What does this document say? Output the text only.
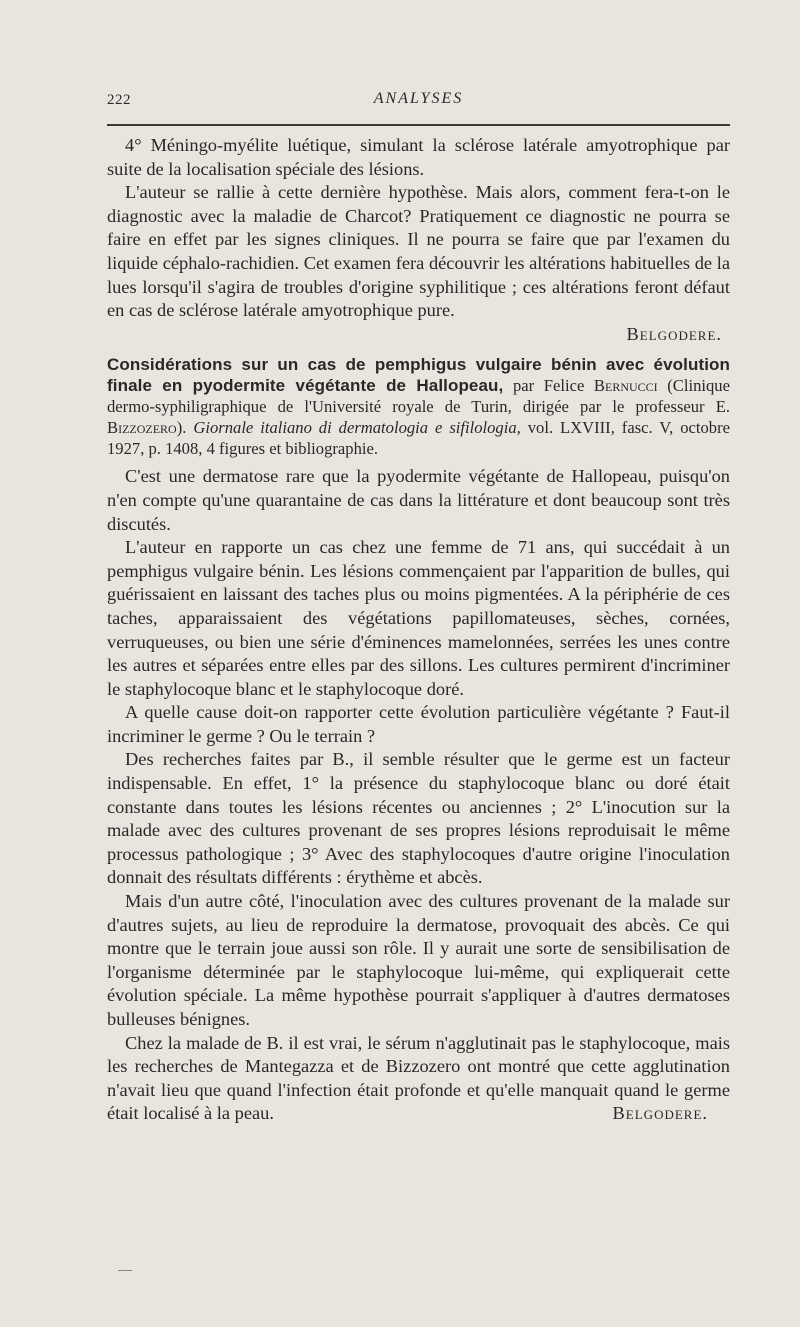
222	ANALYSES

4° Méningo-myélite luétique, simulant la sclérose latérale amyotrophique par suite de la localisation spéciale des lésions.

L'auteur se rallie à cette dernière hypothèse. Mais alors, comment fera-t-on le diagnostic avec la maladie de Charcot? Pratiquement ce diagnostic ne pourra se faire en effet par les signes cliniques. Il ne pourra se faire que par l'examen du liquide céphalo-rachidien. Cet examen fera découvrir les altérations habituelles de la lues lorsqu'il s'agira de troubles d'origine syphilitique ; ces altérations feront défaut en cas de sclérose latérale amyotrophique pure.

Belgodere.
Considérations sur un cas de pemphigus vulgaire bénin avec évolution finale en pyodermite végétante de Hallopeau, par Felice Bernucci (Clinique dermo-syphiligraphique de l'Université royale de Turin, dirigée par le professeur E. Bizzozero). Giornale italiano di dermatologia e sifilologia, vol. LXVIII, fasc. V, octobre 1927, p. 1408, 4 figures et bibliographie.

C'est une dermatose rare que la pyodermite végétante de Hallopeau, puisqu'on n'en compte qu'une quarantaine de cas dans la littérature et dont beaucoup sont très discutés.

L'auteur en rapporte un cas chez une femme de 71 ans, qui succédait à un pemphigus vulgaire bénin. Les lésions commençaient par l'apparition de bulles, qui guérissaient en laissant des taches plus ou moins pigmentées. A la périphérie de ces taches, apparaissaient des végétations papillomateuses, sèches, cornées, verruqueuses, ou bien une série d'éminences mamelonnées, serrées les unes contre les autres et séparées entre elles par des sillons. Les cultures permirent d'incriminer le staphylocoque blanc et le staphylocoque doré.

A quelle cause doit-on rapporter cette évolution particulière végétante ? Faut-il incriminer le germe ? Ou le terrain ?

Des recherches faites par B., il semble résulter que le germe est un facteur indispensable. En effet, 1° la présence du staphylocoque blanc ou doré était constante dans toutes les lésions récentes ou anciennes ; 2° L'inocution sur la malade avec des cultures provenant de ses propres lésions reproduisait le même processus pathologique ; 3° Avec des staphylocoques d'autre origine l'inoculation donnait des résultats différents : érythème et abcès.

Mais d'un autre côté, l'inoculation avec des cultures provenant de la malade sur d'autres sujets, au lieu de reproduire la dermatose, provoquait des abcès. Ce qui montre que le terrain joue aussi son rôle. Il y aurait une sorte de sensibilisation de l'organisme déterminée par le staphylocoque lui-même, qui expliquerait cette évolution spéciale. La même hypothèse pourrait s'appliquer à d'autres dermatoses bulleuses bénignes.

Chez la malade de B. il est vrai, le sérum n'agglutinait pas le staphylocoque, mais les recherches de Mantegazza et de Bizzozero ont montré que cette agglutination n'avait lieu que quand l'infection était profonde et qu'elle manquait quand le germe était localisé à la peau.	Belgodere.
